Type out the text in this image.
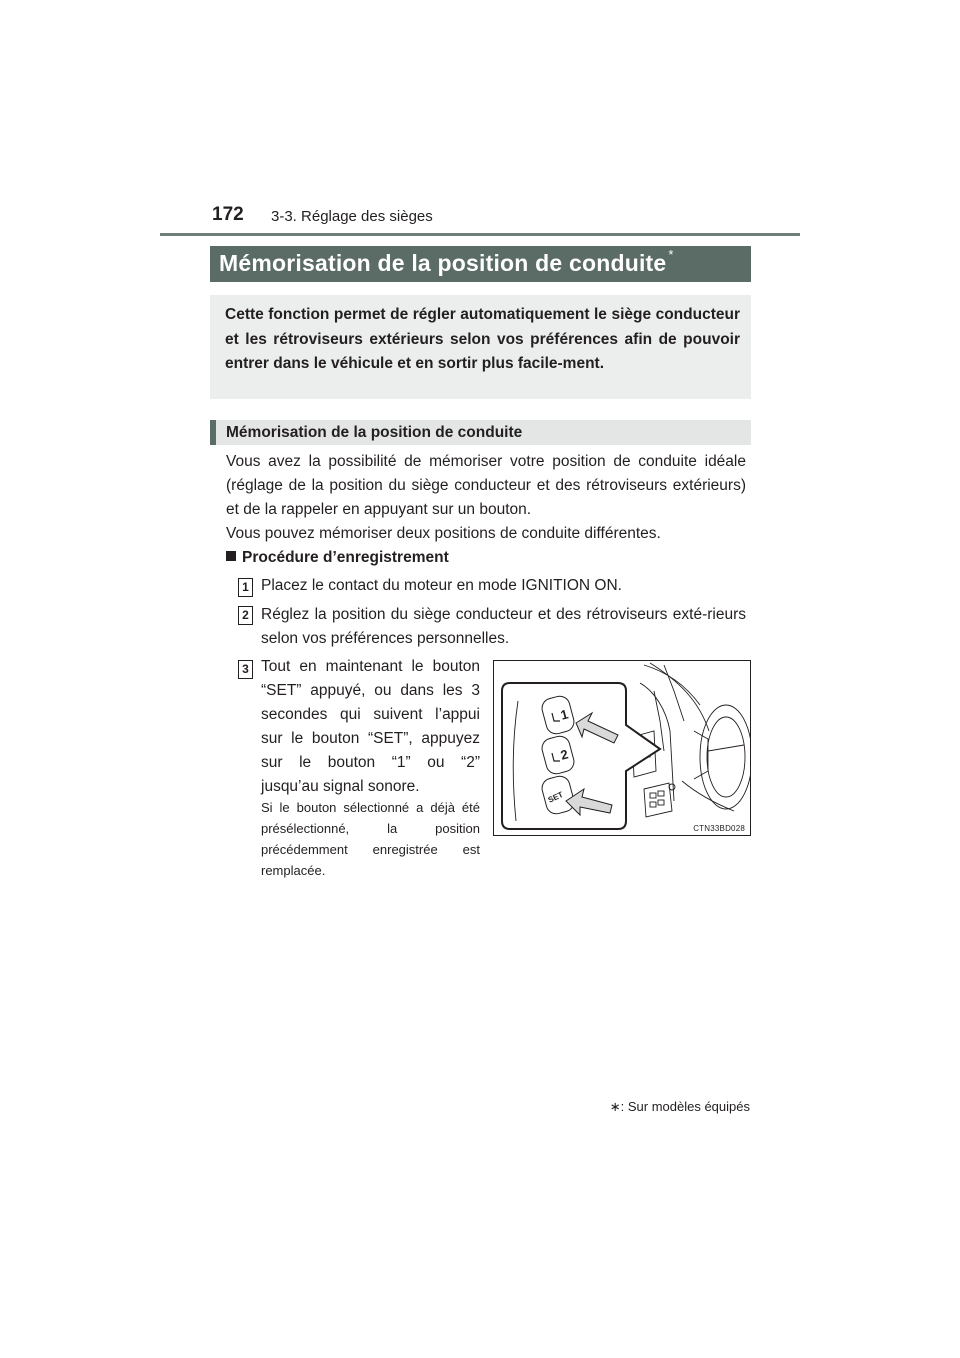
172 3-3. Réglage des sièges
Mémorisation de la position de conduite *

Cette fonction permet de régler automatiquement le siège conducteur et les rétroviseurs extérieurs selon vos préférences afin de pouvoir entrer dans le véhicule et en sortir plus facile-ment.

Mémorisation de la position de conduite

Vous avez la possibilité de mémoriser votre position de conduite idéale (réglage de la position du siège conducteur et des rétroviseurs extérieurs) et de la rappeler en appuyant sur un bouton.

Vous pouvez mémoriser deux positions de conduite différentes.

Procédure d’enregistrement
1 Placez le contact du moteur en mode IGNITION ON.

2 Réglez la position du siège conducteur et des rétroviseurs exté-rieurs selon vos préférences personnelles.

3 Tout en maintenant le bouton “SET” appuyé, ou dans les 3 secondes qui suivent l’appui sur le bouton “SET”, appuyez sur le bouton “1” ou “2” jusqu’au signal sonore.

Si le bouton sélectionné a déjà été présélectionné, la position précédemment enregistrée est remplacée.

1
2
SET
CTN33BD028
∗: Sur modèles équipés
